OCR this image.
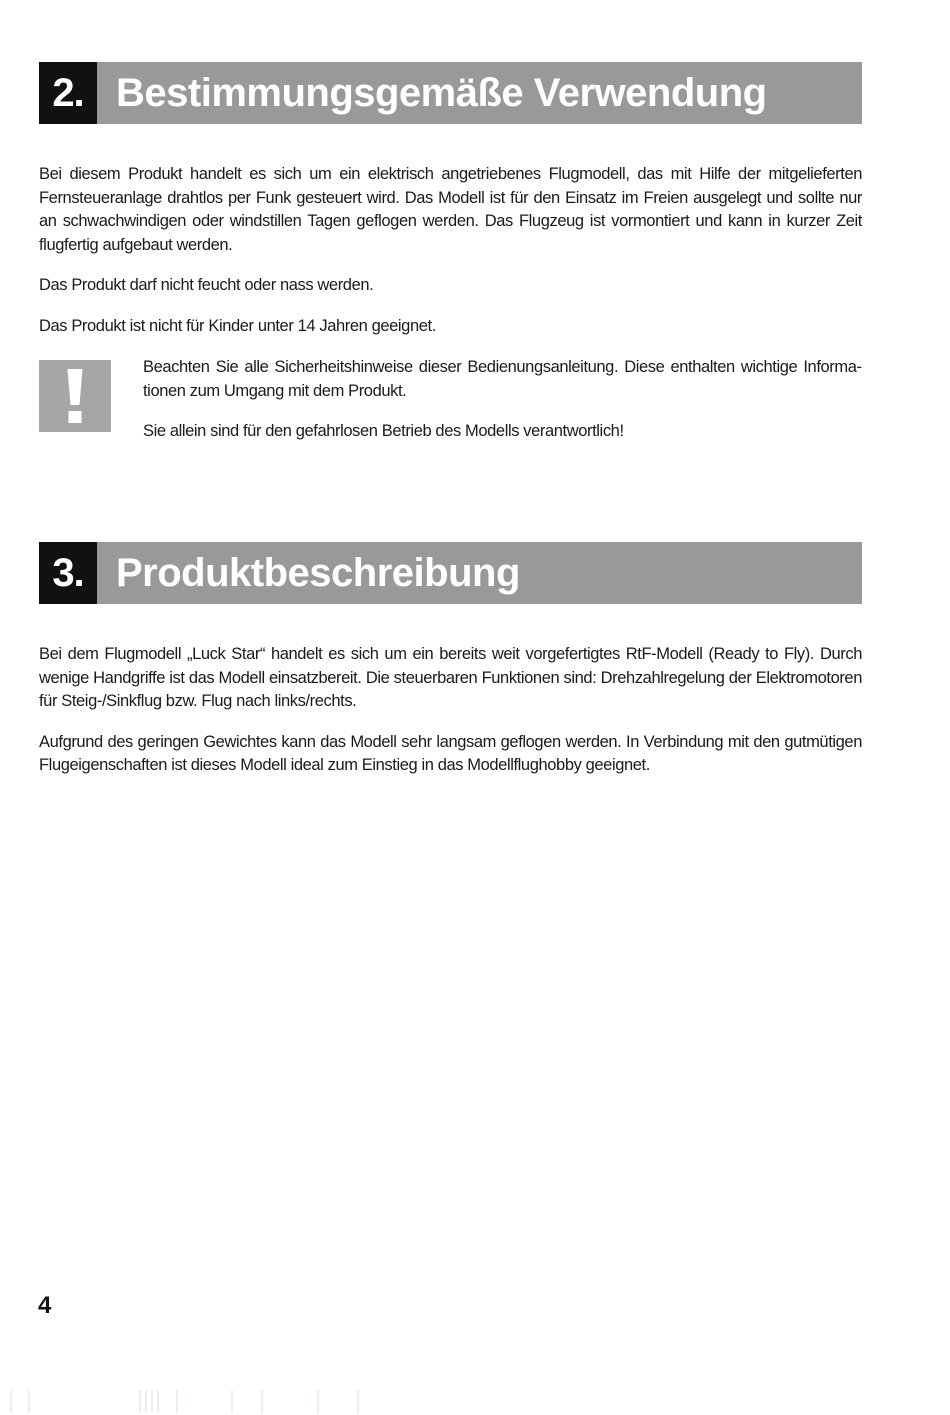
2. Bestimmungsgemäße Verwendung

Bei diesem Produkt handelt es sich um ein elektrisch angetriebenes Flugmodell, das mit Hilfe der mitgelieferten Fernsteueranlage drahtlos per Funk gesteuert wird. Das Modell ist für den Einsatz im Freien ausgelegt und sollte nur an schwachwindigen oder windstillen Tagen geflogen werden. Das Flugzeug ist vormontiert und kann in kurzer Zeit flugfertig aufgebaut werden.

Das Produkt darf nicht feucht oder nass werden.

Das Produkt ist nicht für Kinder unter 14 Jahren geeignet.

Beachten Sie alle Sicherheitshinweise dieser Bedienungsanleitung. Diese enthalten wichtige Informationen zum Umgang mit dem Produkt.

Sie allein sind für den gefahrlosen Betrieb des Modells verantwortlich!

3. Produktbeschreibung

Bei dem Flugmodell „Luck Star“ handelt es sich um ein bereits weit vorgefertigtes RtF-Modell (Ready to Fly). Durch wenige Handgriffe ist das Modell einsatzbereit. Die steuerbaren Funktionen sind: Drehzahlregelung der Elektromotoren für Steig-/Sinkflug bzw. Flug nach links/rechts.

Aufgrund des geringen Gewichtes kann das Modell sehr langsam geflogen werden. In Verbindung mit den gutmütigen Flugeigenschaften ist dieses Modell ideal zum Einstieg in das Modellflughobby geeignet.

4
